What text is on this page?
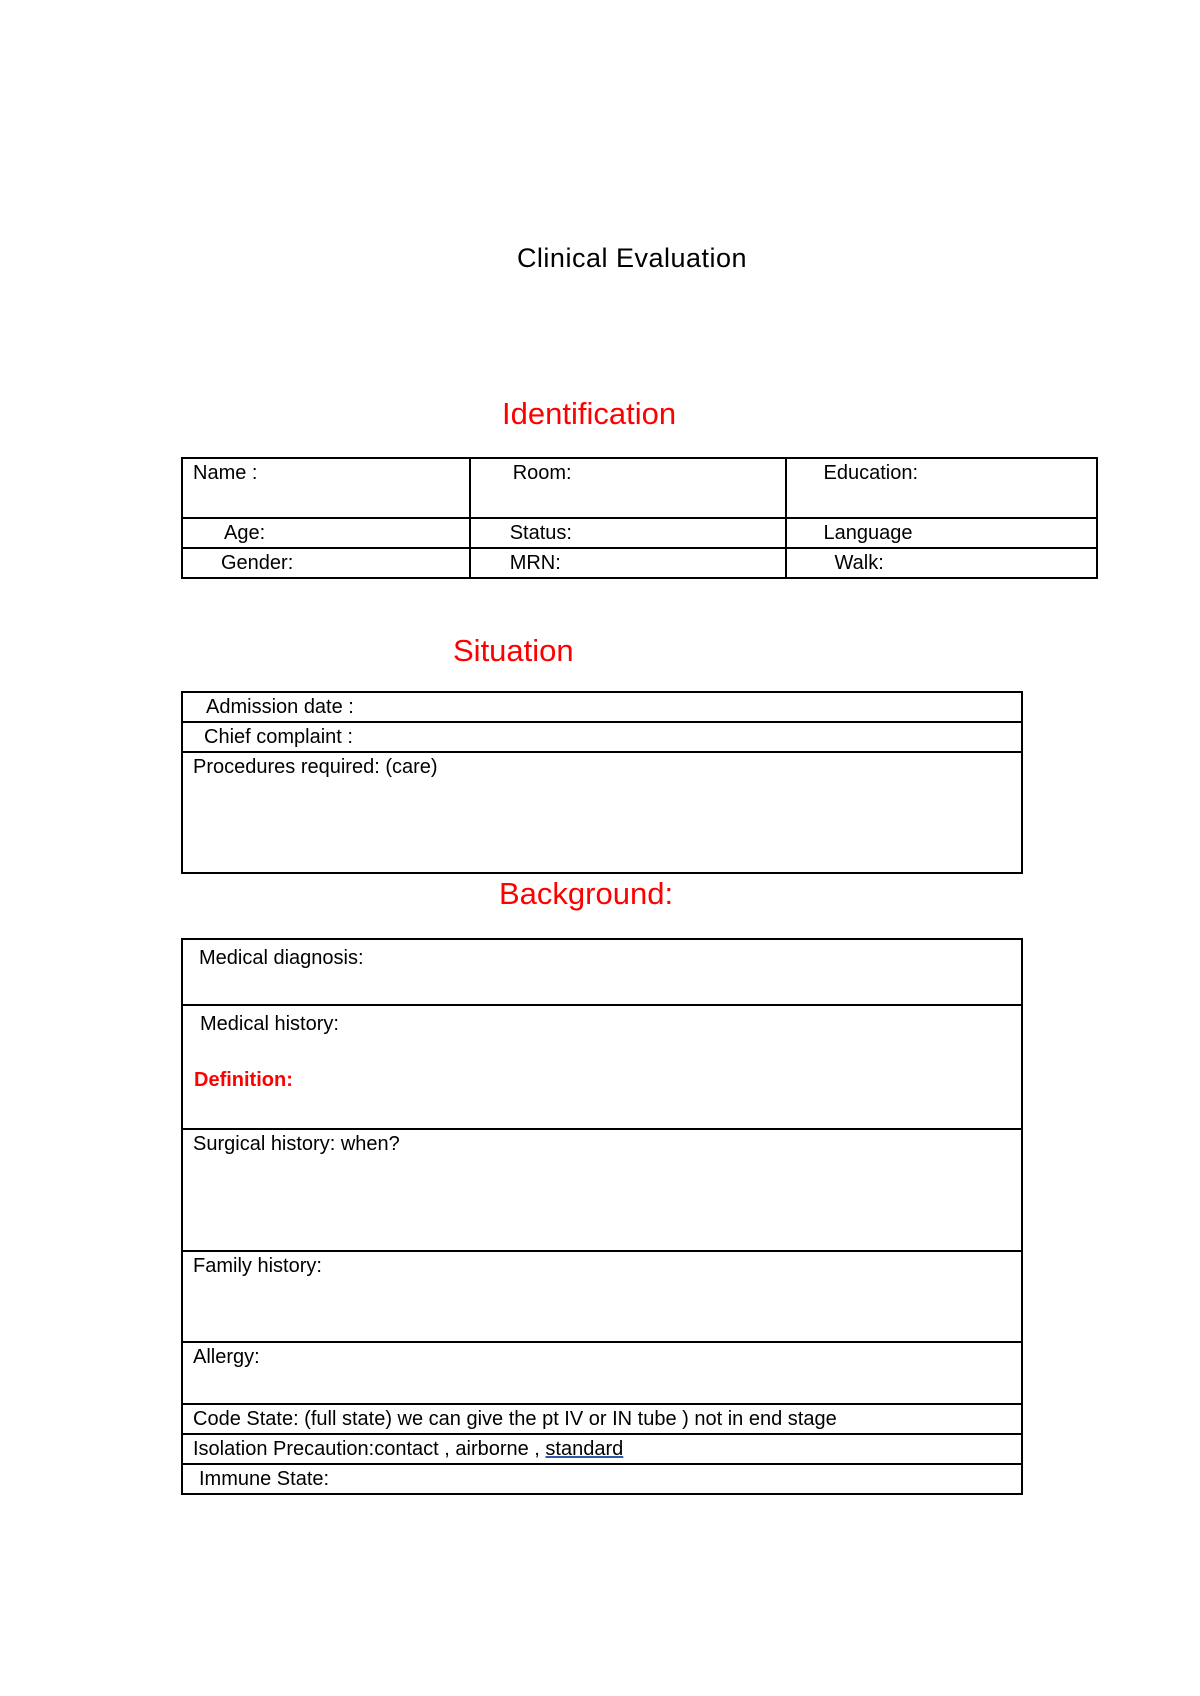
Clinical Evaluation
Identification
Name :	Room:	Education:
Age:	Status:	Language
Gender:	MRN:	Walk:
Situation
Admission date :
Chief complaint :
Procedures required: (care)
Background:
Medical diagnosis:
Medical history:
Definition:

Surgical history: when?
Family history:
Allergy:
Code State: (full state) we can give the pt IV or IN tube ) not in end stage
Isolation Precaution:contact , airborne , standard
Immune State:
